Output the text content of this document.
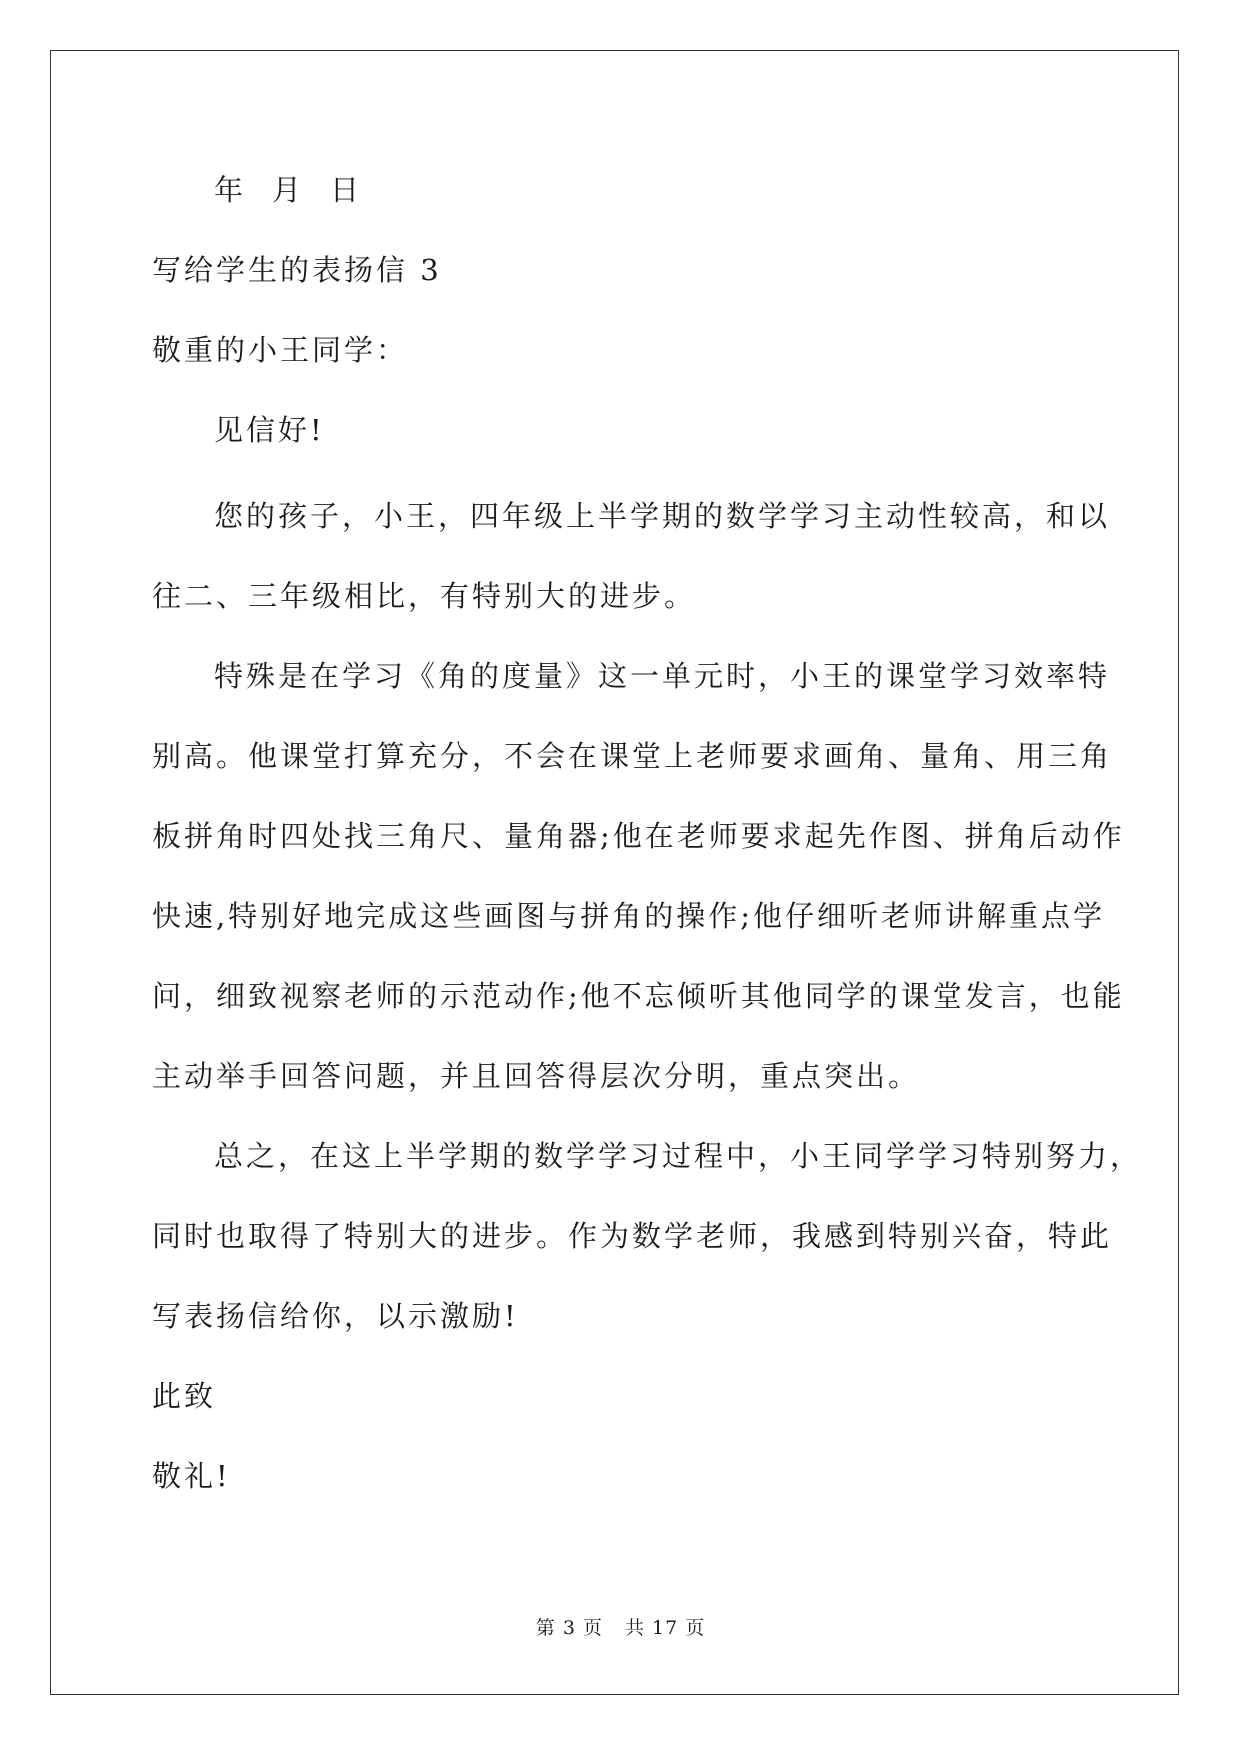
年 月 日
写给学生的表扬信 3
敬重的小王同学：
见信好!
您的孩子，小王，四年级上半学期的数学学习主动性较高，和以
往二、三年级相比，有特别大的进步。
特殊是在学习《角的度量》这一单元时，小王的课堂学习效率特
别高。他课堂打算充分，不会在课堂上老师要求画角、量角、用三角
板拼角时四处找三角尺、量角器;他在老师要求起先作图、拼角后动作
快速,特别好地完成这些画图与拼角的操作;他仔细听老师讲解重点学
问，细致视察老师的示范动作;他不忘倾听其他同学的课堂发言，也能
主动举手回答问题，并且回答得层次分明，重点突出。
总之，在这上半学期的数学学习过程中，小王同学学习特别努力，
同时也取得了特别大的进步。作为数学老师，我感到特别兴奋，特此
写表扬信给你，以示激励!
此致
敬礼!
第 3 页 共 17 页
